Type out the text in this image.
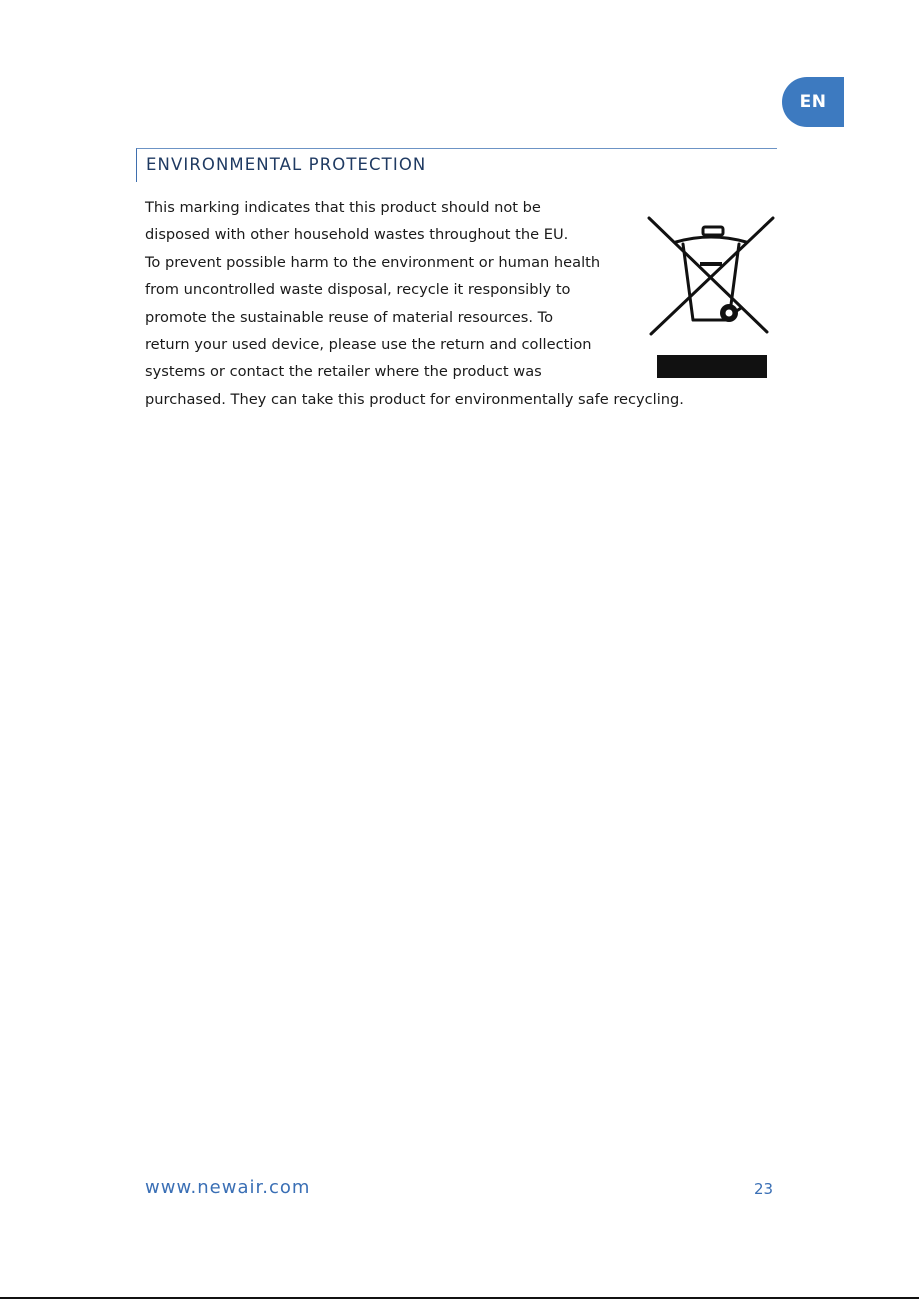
EN
ENVIRONMENTAL PROTECTION

This marking indicates that this product should not be
disposed with other household wastes throughout the EU.
To prevent possible harm to the environment or human health
from uncontrolled waste disposal, recycle it responsibly to
promote the sustainable reuse of material resources. To
return your used device, please use the return and collection
systems or contact the retailer where the product was
purchased. They can take this product for environmentally safe recycling.

www.newair.com	23
